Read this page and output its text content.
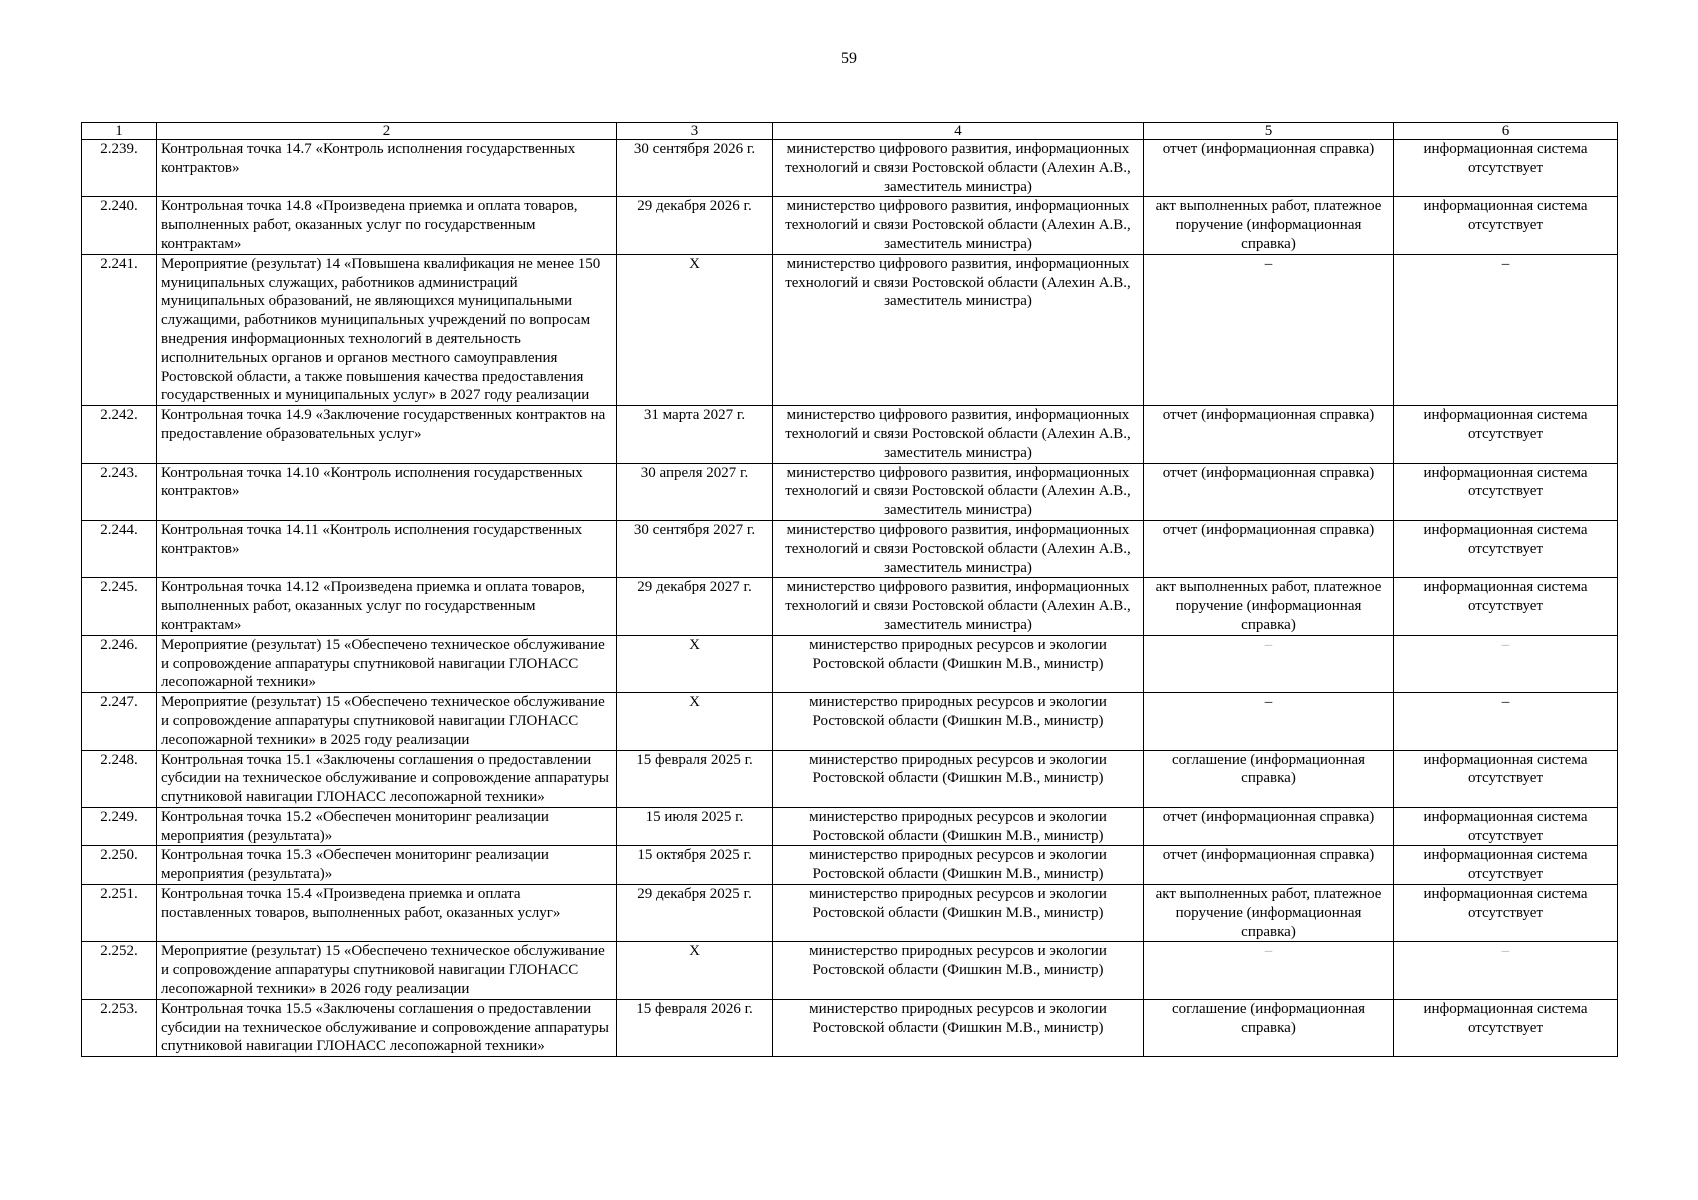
59
1	2	3	4	5	6
2.239.	Контрольная точка 14.7 «Контроль исполнения государственных контрактов»	30 сентября 2026 г.	министерство цифрового развития, информационных технологий и связи Ростовской области (Алехин А.В., заместитель министра)	отчет (информационная справка)	информационная система отсутствует
2.240.	Контрольная точка 14.8 «Произведена приемка и оплата товаров, выполненных работ, оказанных услуг по государственным контрактам»	29 декабря 2026 г.	министерство цифрового развития, информационных технологий и связи Ростовской области (Алехин А.В., заместитель министра)	акт выполненных работ, платежное поручение (информационная справка)	информационная система отсутствует
2.241.	Мероприятие (результат) 14 «Повышена квалификация не менее 150 муниципальных служащих, работников администраций муниципальных образований, не являющихся муниципальными служащими, работников муниципальных учреждений по вопросам внедрения информационных технологий в деятельность исполнительных органов и органов местного самоуправления Ростовской области, а также повышения качества предоставления государственных и муниципальных услуг» в 2027 году реализации	X	министерство цифрового развития, информационных технологий и связи Ростовской области (Алехин А.В., заместитель министра)	–	–
2.242.	Контрольная точка 14.9 «Заключение государственных контрактов на предоставление образовательных услуг»	31 марта 2027 г.	министерство цифрового развития, информационных технологий и связи Ростовской области (Алехин А.В., заместитель министра)	отчет (информационная справка)	информационная система отсутствует
2.243.	Контрольная точка 14.10 «Контроль исполнения государственных контрактов»	30 апреля 2027 г.	министерство цифрового развития, информационных технологий и связи Ростовской области (Алехин А.В., заместитель министра)	отчет (информационная справка)	информационная система отсутствует
2.244.	Контрольная точка 14.11 «Контроль исполнения государственных контрактов»	30 сентября 2027 г.	министерство цифрового развития, информационных технологий и связи Ростовской области (Алехин А.В., заместитель министра)	отчет (информационная справка)	информационная система отсутствует
2.245.	Контрольная точка 14.12 «Произведена приемка и оплата товаров, выполненных работ, оказанных услуг по государственным контрактам»	29 декабря 2027 г.	министерство цифрового развития, информационных технологий и связи Ростовской области (Алехин А.В., заместитель министра)	акт выполненных работ, платежное поручение (информационная справка)	информационная система отсутствует
2.246.	Мероприятие (результат) 15 «Обеспечено техническое обслуживание и сопровождение аппаратуры спутниковой навигации ГЛОНАСС лесопожарной техники»	X	министерство природных ресурсов и экологии Ростовской области (Фишкин М.В., министр)	–	–
2.247.	Мероприятие (результат) 15 «Обеспечено техническое обслуживание и сопровождение аппаратуры спутниковой навигации ГЛОНАСС лесопожарной техники» в 2025 году реализации	X	министерство природных ресурсов и экологии Ростовской области (Фишкин М.В., министр)	–	–
2.248.	Контрольная точка 15.1 «Заключены соглашения о предоставлении субсидии на техническое обслуживание и сопровождение аппаратуры спутниковой навигации ГЛОНАСС лесопожарной техники»	15 февраля 2025 г.	министерство природных ресурсов и экологии Ростовской области (Фишкин М.В., министр)	соглашение (информационная справка)	информационная система отсутствует
2.249.	Контрольная точка 15.2 «Обеспечен мониторинг реализации мероприятия (результата)»	15 июля 2025 г.	министерство природных ресурсов и экологии Ростовской области (Фишкин М.В., министр)	отчет (информационная справка)	информационная система отсутствует
2.250.	Контрольная точка 15.3 «Обеспечен мониторинг реализации мероприятия (результата)»	15 октября 2025 г.	министерство природных ресурсов и экологии Ростовской области (Фишкин М.В., министр)	отчет (информационная справка)	информационная система отсутствует
2.251.	Контрольная точка 15.4 «Произведена приемка и оплата поставленных товаров, выполненных работ, оказанных услуг»	29 декабря 2025 г.	министерство природных ресурсов и экологии Ростовской области (Фишкин М.В., министр)	акт выполненных работ, платежное поручение (информационная справка)	информационная система отсутствует
2.252.	Мероприятие (результат) 15 «Обеспечено техническое обслуживание и сопровождение аппаратуры спутниковой навигации ГЛОНАСС лесопожарной техники» в 2026 году реализации	X	министерство природных ресурсов и экологии Ростовской области (Фишкин М.В., министр)	–	–
2.253.	Контрольная точка 15.5 «Заключены соглашения о предоставлении субсидии на техническое обслуживание и сопровождение аппаратуры спутниковой навигации ГЛОНАСС лесопожарной техники»	15 февраля 2026 г.	министерство природных ресурсов и экологии Ростовской области (Фишкин М.В., министр)	соглашение (информационная справка)	информационная система отсутствует
